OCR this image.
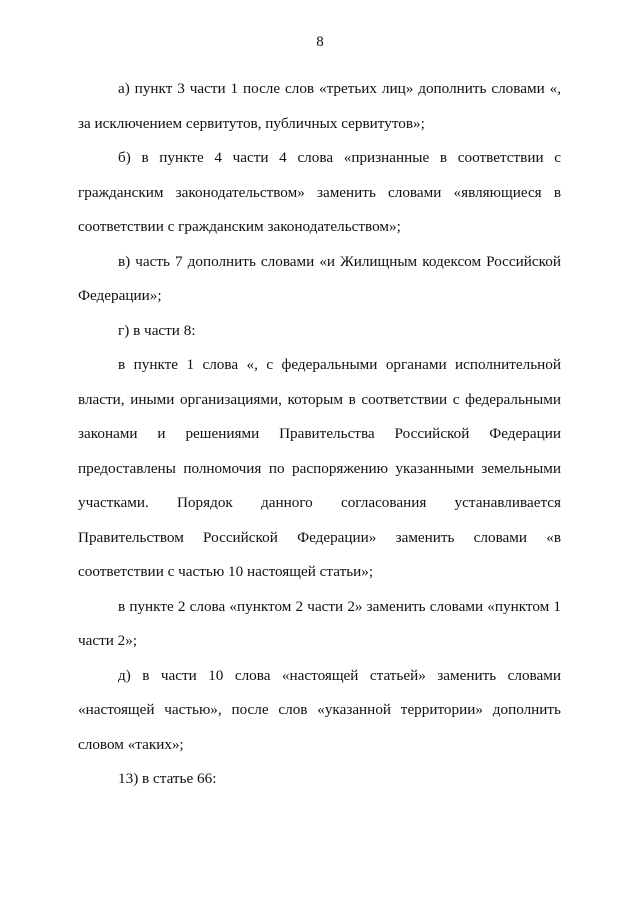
8

а) пункт 3 части 1 после слов «третьих лиц» дополнить словами «, за исключением сервитутов, публичных сервитутов»;

б) в пункте 4 части 4 слова «признанные в соответствии с гражданским законодательством» заменить словами «являющиеся в соответствии с гражданским законодательством»;

в) часть 7 дополнить словами «и Жилищным кодексом Российской Федерации»;

г) в части 8:

в пункте 1 слова «, с федеральными органами исполнительной власти, иными организациями, которым в соответствии с федеральными законами и решениями Правительства Российской Федерации предоставлены полномочия по распоряжению указанными земельными участками. Порядок данного согласования устанавливается Правительством Российской Федерации» заменить словами «в соответствии с частью 10 настоящей статьи»;

в пункте 2 слова «пунктом 2 части 2» заменить словами «пунктом 1 части 2»;

д) в части 10 слова «настоящей статьей» заменить словами «настоящей частью», после слов «указанной территории» дополнить словом «таких»;

13) в статье 66:
